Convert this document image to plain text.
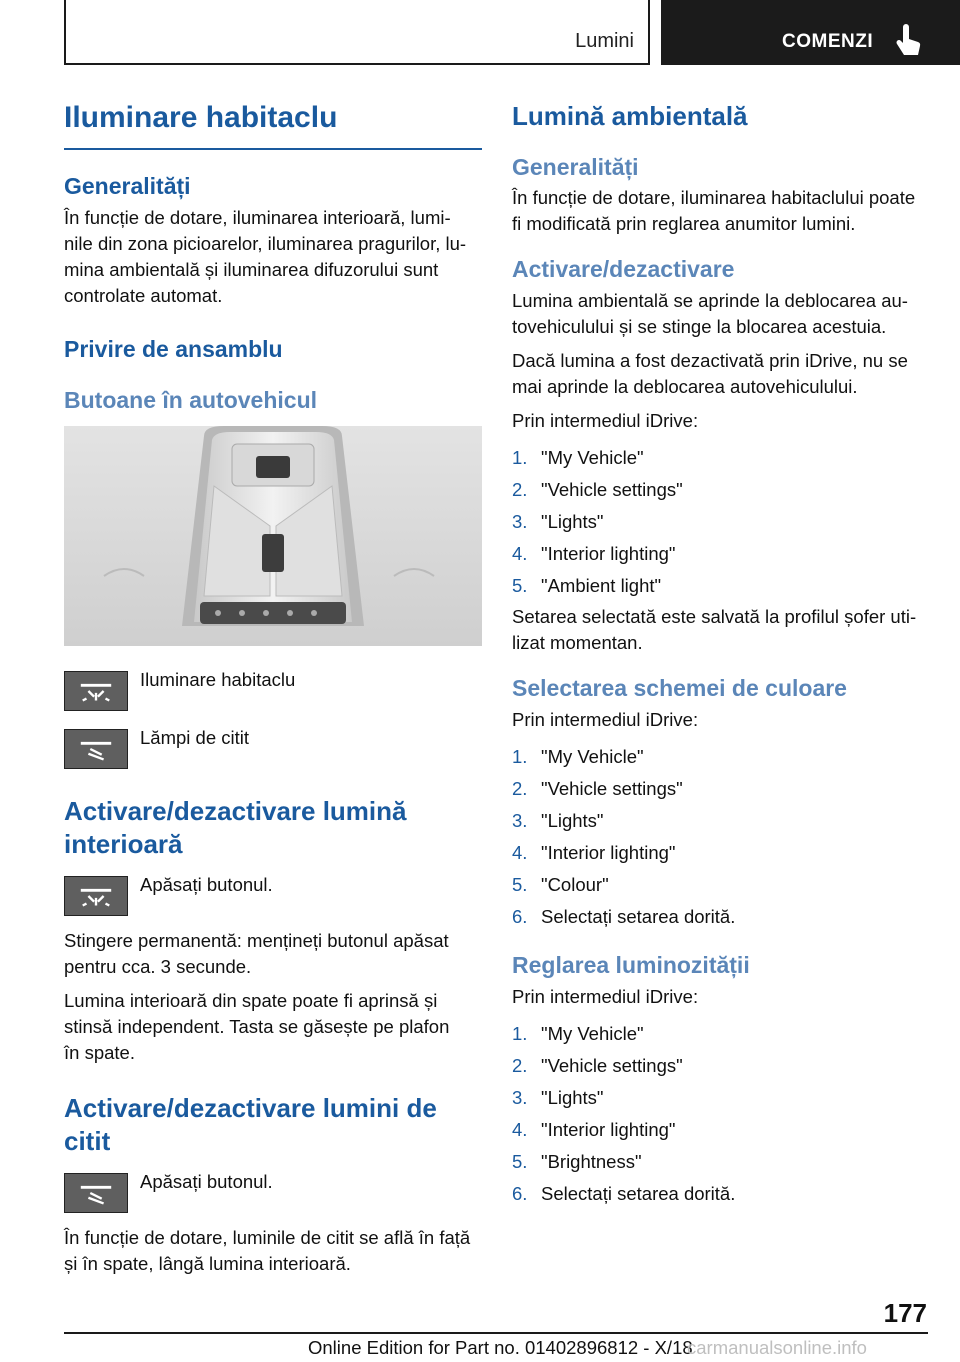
Lumini	COMENZI
Iluminare habitaclu
Generalități
În funcție de dotare, iluminarea interioară, lumi-
nile din zona picioarelor, iluminarea pragurilor, lu-
mina ambientală și iluminarea difuzorului sunt
controlate automat.
Privire de ansamblu
Butoane în autovehicul
Iluminare habitaclu
Lămpi de citit
Activare/dezactivare lumină
interioară
Apăsați butonul.
Stingere permanentă: mențineți butonul apăsat
pentru cca. 3 secunde.
Lumina interioară din spate poate fi aprinsă și
stinsă independent. Tasta se găsește pe plafon
în spate.
Activare/dezactivare lumini de
citit
Apăsați butonul.
În funcție de dotare, luminile de citit se află în față
și în spate, lângă lumina interioară.
Lumină ambientală
Generalități
În funcție de dotare, iluminarea habitaclului poate
fi modificată prin reglarea anumitor lumini.
Activare/dezactivare
Lumina ambientală se aprinde la deblocarea au-
tovehiculului și se stinge la blocarea acestuia.
Dacă lumina a fost dezactivată prin iDrive, nu se
mai aprinde la deblocarea autovehiculului.
Prin intermediul iDrive:
1. "My Vehicle"
2. "Vehicle settings"
3. "Lights"
4. "Interior lighting"
5. "Ambient light"
Setarea selectată este salvată la profilul șofer uti-
lizat momentan.
Selectarea schemei de culoare
Prin intermediul iDrive:
1. "My Vehicle"
2. "Vehicle settings"
3. "Lights"
4. "Interior lighting"
5. "Colour"
6. Selectați setarea dorită.
Reglarea luminozității
Prin intermediul iDrive:
1. "My Vehicle"
2. "Vehicle settings"
3. "Lights"
4. "Interior lighting"
5. "Brightness"
6. Selectați setarea dorită.
177
Online Edition for Part no. 01402896812 - X/18
carmanualsonline.info
